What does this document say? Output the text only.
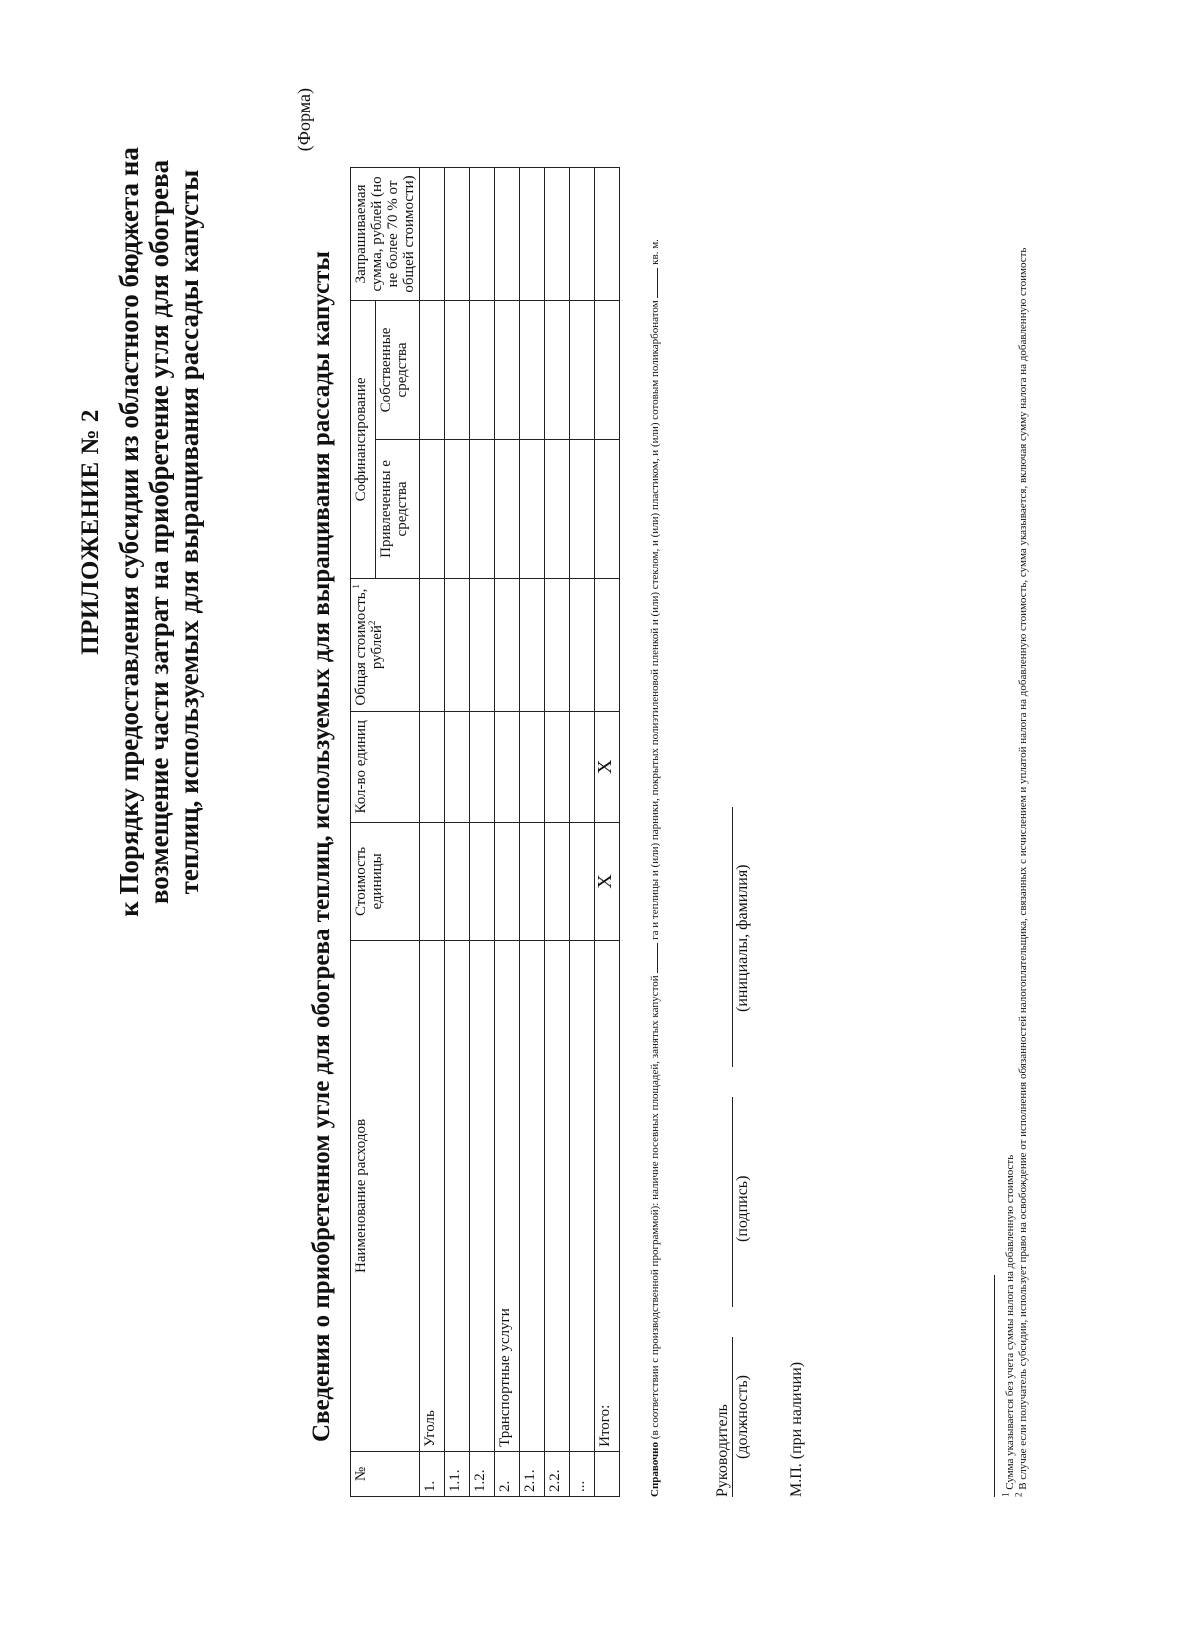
ПРИЛОЖЕНИЕ № 2 к Порядку предоставления субсидии из областного бюджета на возмещение части затрат на приобретение угля для обогрева теплиц, используемых для выращивания рассады капусты
(Форма)
Сведения о приобретенном угле для обогрева теплиц, используемых для выращивания рассады капусты
№	Наименование расходов	Стоимость единицы	Кол-во единиц	Общая стоимость,$^1$ рублей$^2$	Софинансирование		Запрашиваемая сумма, рублей (но не более 70 % от общей стоимости)
					Привлеченны е средства	Собственные средства	
1.	Уголь						
1.1.							
1.2.							
2.	Транспортные услуги						
2.1.							
2.2.							
...							
	Итого:	X	X				
Справочно (в соответствии с производственной программой): наличие посевных площадей, занятых капустой  га и теплицы и (или) парники, покрытых полиэтиленовой пленкой и (или) стеклом, и (или) пластиком, и (или) сотовым поликарбонатом  кв. м.
Руководитель (должность)
(подпись)
(инициалы, фамилия)
М.П. (при наличии)	$^1$ Сумма указывается без учета суммы налога на добавленную стоимость
$^2$ В случае если получатель субсидии, использует право на освобождение от исполнения обязанностей налогоплательщика, связанных с исчислением и уплатой налога на добавленную стоимость, сумма указывается, включая сумму налога на добавленную стоимость
